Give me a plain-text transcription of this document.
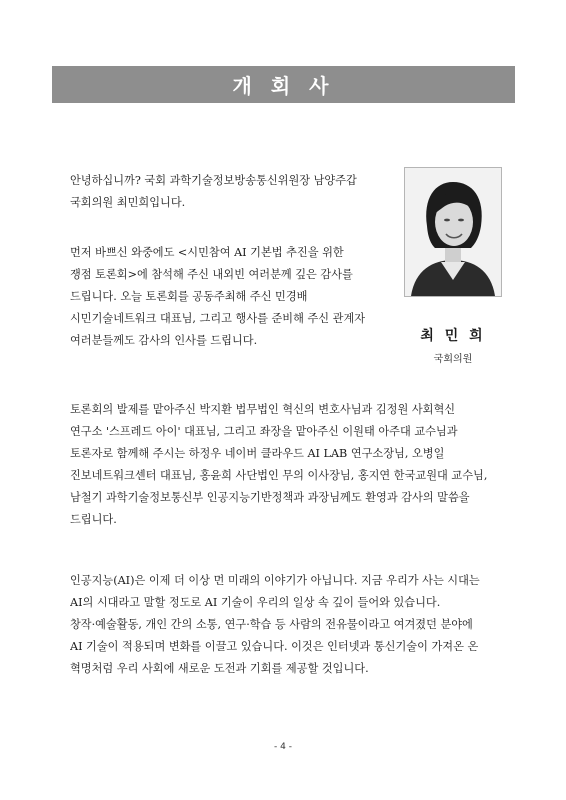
개 회 사
최 민 희
국회의원

안녕하십니까? 국회 과학기술정보방송통신위원장 남양주갑
국회의원 최민희입니다.

먼저 바쁘신 와중에도 <시민참여 AI 기본법 추진을 위한
쟁점 토론회>에 참석해 주신 내외빈 여러분께 깊은 감사를
드립니다. 오늘 토론회를 공동주최해 주신 민경배
시민기술네트워크 대표님, 그리고 행사를 준비해 주신 관계자
여러분들께도 감사의 인사를 드립니다.

토론회의 발제를 맡아주신 박지환 법무법인 혁신의 변호사님과 김정원 사회혁신
연구소 '스프레드 아이' 대표님, 그리고 좌장을 맡아주신 이원태 아주대 교수님과
토론자로 함께해 주시는 하정우 네이버 클라우드 AI LAB 연구소장님, 오병일
진보네트워크센터 대표님, 홍윤희 사단법인 무의 이사장님, 홍지연 한국교원대 교수님,
남철기 과학기술정보통신부 인공지능기반정책과 과장님께도 환영과 감사의 말씀을
드립니다.

인공지능(AI)은 이제 더 이상 먼 미래의 이야기가 아닙니다. 지금 우리가 사는 시대는
AI의 시대라고 말할 정도로 AI 기술이 우리의 일상 속 깊이 들어와 있습니다.
창작·예술활동, 개인 간의 소통, 연구·학습 등 사람의 전유물이라고 여겨졌던 분야에
AI 기술이 적용되며 변화를 이끌고 있습니다. 이것은 인터넷과 통신기술이 가져온 온
혁명처럼 우리 사회에 새로운 도전과 기회를 제공할 것입니다.

- 4 -
